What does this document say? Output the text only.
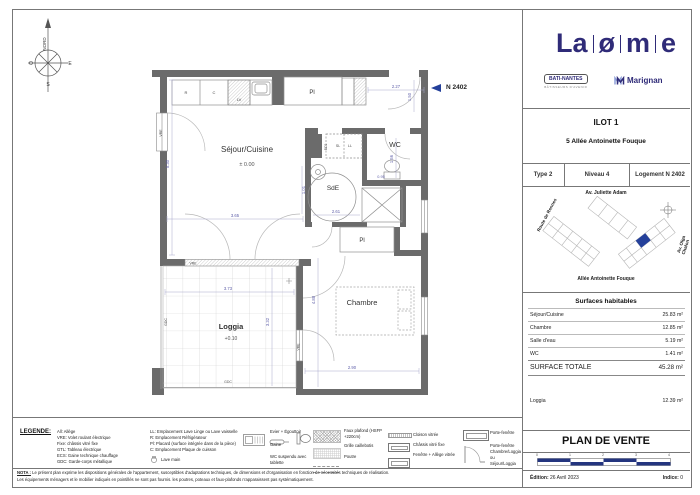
NORD
O	E
S
Séjour/Cuisine
± 0.00
WC
SdE
Chambre
Loggia
+0.10
Pl
Pl
R	C
LV
SL LL
ECS
VRE
VRE
VRE
GDC
GDC
5.30
3.65
2.27
1.50
1.56
0.95
2.61
1.01
4.88
2.90
3.73
3.32
N 2402
La ø m e
BATI-NANTES
BÂTISSEURS D'AVENIR
Marignan
ILOT 1
5 Allée Antoinette Fouque
Type 2	Niveau 4	Logement N 2402
Av. Juliette Adam
Route de Rennes
Av. Olga Chalon
Allée Antoinette Fouque
Surfaces habitables
Séjour/Cuisine	25.83 m²
Chambre	12.85 m²
Salle d'eau	5.19 m²
WC	1.41 m²
SURFACE TOTALE	45.28 m²
Loggia	12.39 m²
PLAN DE VENTE
0	1	2	3	4
Édition: 26 Avril 2023	Indice: 0
LEGENDE: All: Allège
VRE: Volet roulant électrique
Fixe: châssis vitré fixe
GTL: Tableau électrique
ECS: Gaine technique chauffage
GDC: Garde-corps métallique
LL: Emplacement Lave Linge ou Lave vaisselle
R: Emplacement Réfrigérateur
Pl: Placard (surface intégrée dans de la pièce)
C: Emplacement Plaque de cuisson
Lave main

Evier + Égouttoir
Gaine
WC suspendu avec tablette
Faux plafond (HSFP +220cm)
Grille caillebotis
Poutre
Cloison vitrée
Châssis vitré fixe
Fenêtre + Allège vitrée
Porte-fenêtre
Porte-fenêtre Chambre/Loggia ou Séjour/Loggia
NOTA : Le présent plan exprime les dispositions générales de l'appartement, susceptibles d'adaptations techniques, de dimensions et d'organisation en fonction de nécessités techniques de réalisation.
Les équipements ménagers et le mobilier indiqués en pointillés ne sont pas fournis. les poutres, poteaux et faux-plafonds n'apparaissent pas systématiquement.
